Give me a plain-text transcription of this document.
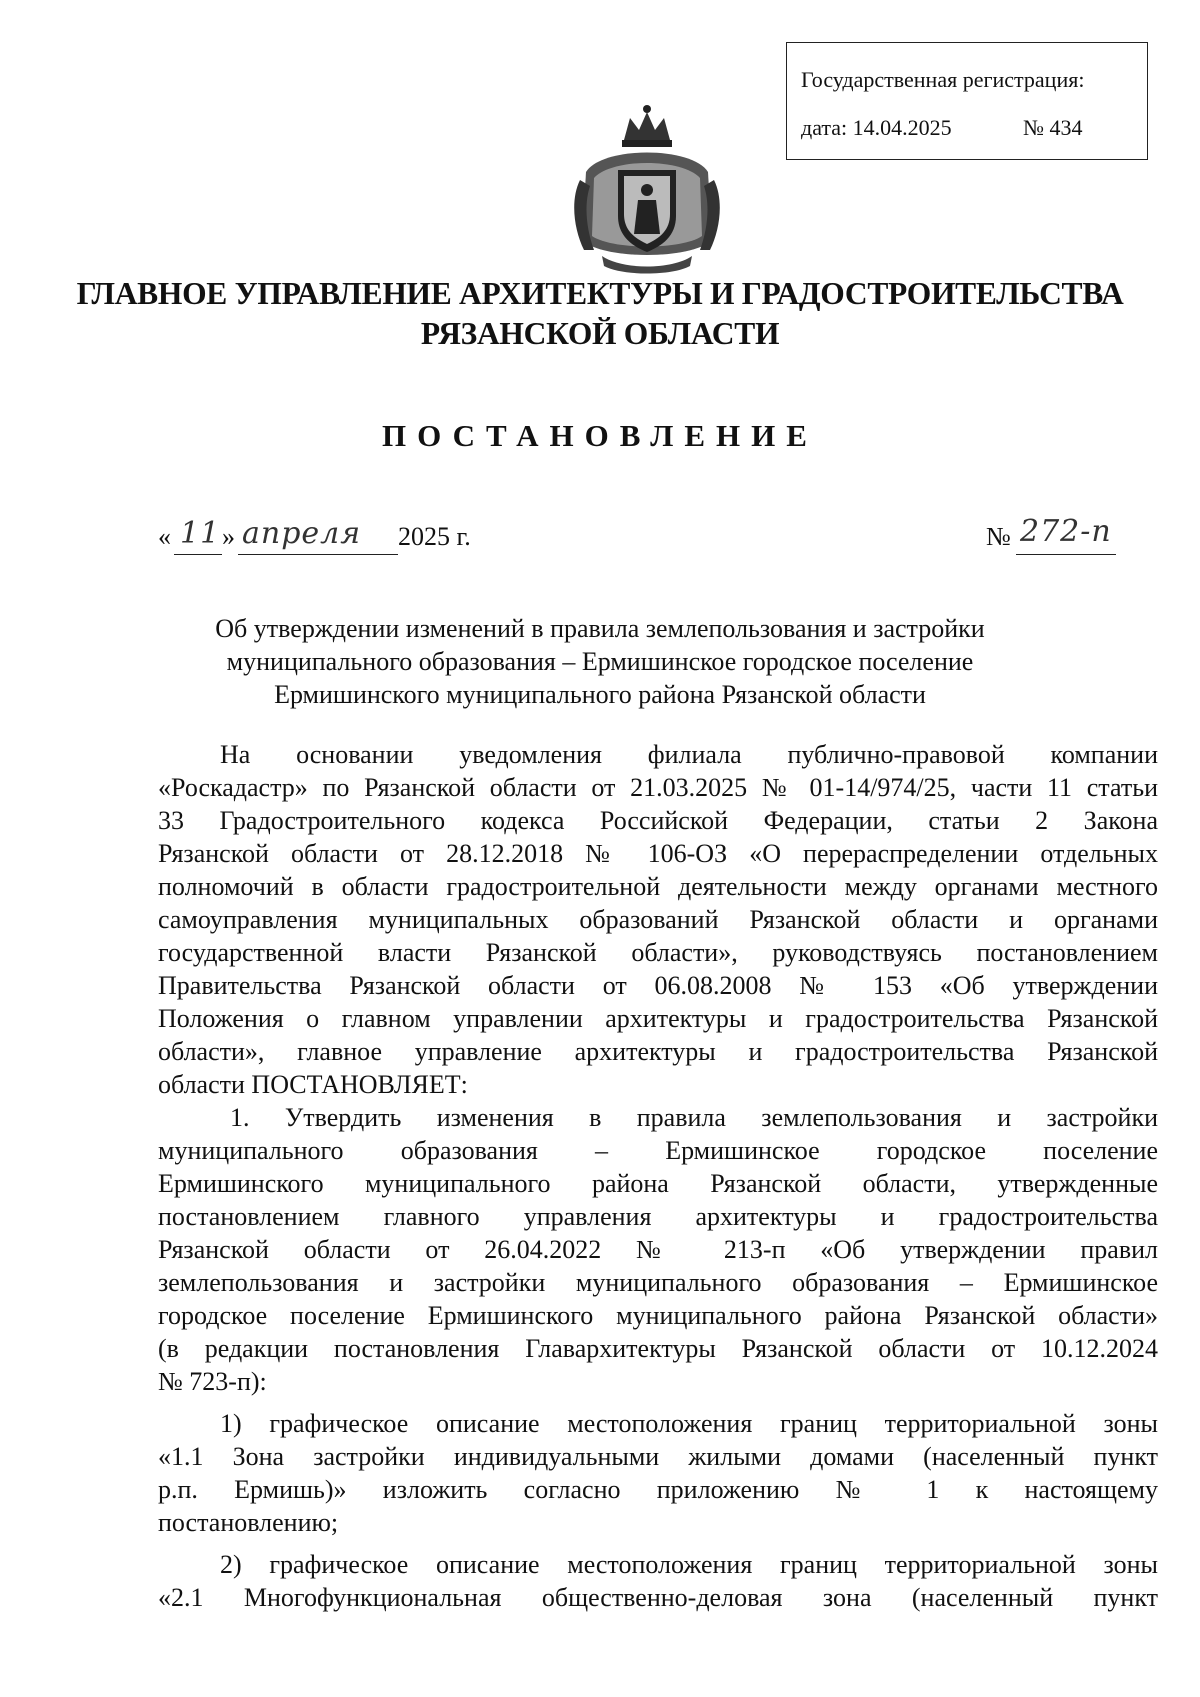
Государственная регистрация:
дата: 14.04.2025	№ 434
ГЛАВНОЕ УПРАВЛЕНИЕ АРХИТЕКТУРЫ И ГРАДОСТРОИТЕЛЬСТВА
РЯЗАНСКОЙ ОБЛАСТИ
ПОСТАНОВЛЕНИЕ
« 11 » апреля 2025 г.	№ 272-п
Об утверждении изменений в правила землепользования и застройки
муниципального образования – Ермишинское городское поселение
Ермишинского муниципального района Рязанской области
На основании уведомления филиала публично-правовой компании
«Роскадастр» по Рязанской области от 21.03.2025 № 01-14/974/25, части 11 статьи
33 Градостроительного кодекса Российской Федерации, статьи 2 Закона
Рязанской области от 28.12.2018 № 106-ОЗ «О перераспределении отдельных
полномочий в области градостроительной деятельности между органами местного
самоуправления муниципальных образований Рязанской области и органами
государственной власти Рязанской области», руководствуясь постановлением
Правительства Рязанской области от 06.08.2008 № 153 «Об утверждении
Положения о главном управлении архитектуры и градостроительства Рязанской
области», главное управление архитектуры и градостроительства Рязанской
области ПОСТАНОВЛЯЕТ:
1. Утвердить изменения в правила землепользования и застройки
муниципального образования – Ермишинское городское поселение
Ермишинского муниципального района Рязанской области, утвержденные
постановлением главного управления архитектуры и градостроительства
Рязанской области от 26.04.2022 № 213-п «Об утверждении правил
землепользования и застройки муниципального образования – Ермишинское
городское поселение Ермишинского муниципального района Рязанской области»
(в редакции постановления Главархитектуры Рязанской области от 10.12.2024
№ 723-п):
1) графическое описание местоположения границ территориальной зоны
«1.1 Зона застройки индивидуальными жилыми домами (населенный пункт
р.п. Ермишь)» изложить согласно приложению № 1 к настоящему
постановлению;
2) графическое описание местоположения границ территориальной зоны
«2.1 Многофункциональная общественно-деловая зона (населенный пункт
